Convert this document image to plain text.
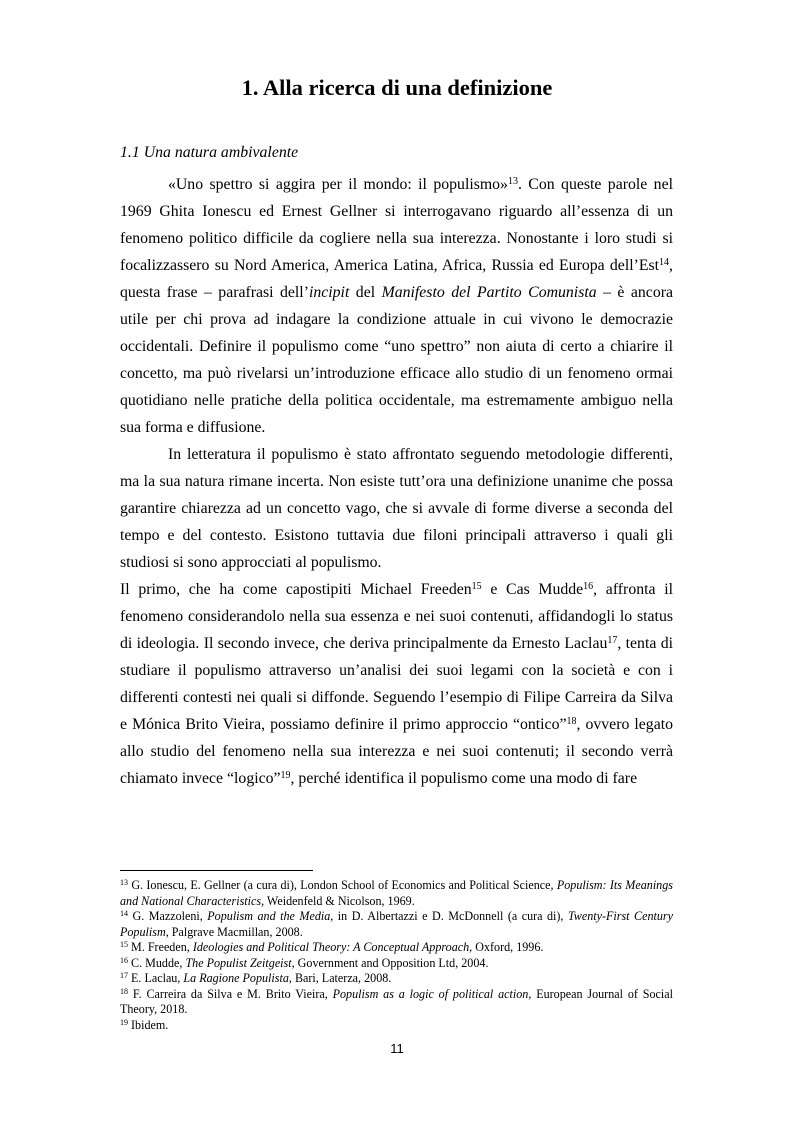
1. Alla ricerca di una definizione
1.1 Una natura ambivalente

«Uno spettro si aggira per il mondo: il populismo»$^{13}$. Con queste parole nel 1969 Ghita Ionescu ed Ernest Gellner si interrogavano riguardo all’essenza di un fenomeno politico difficile da cogliere nella sua interezza. Nonostante i loro studi si focalizzassero su Nord America, America Latina, Africa, Russia ed Europa dell’Est$^{14}$, questa frase – parafrasi dell’incipit del Manifesto del Partito Comunista – è ancora utile per chi prova ad indagare la condizione attuale in cui vivono le democrazie occidentali. Definire il populismo come “uno spettro” non aiuta di certo a chiarire il concetto, ma può rivelarsi un’introduzione efficace allo studio di un fenomeno ormai quotidiano nelle pratiche della politica occidentale, ma estremamente ambiguo nella sua forma e diffusione.

In letteratura il populismo è stato affrontato seguendo metodologie differenti, ma la sua natura rimane incerta. Non esiste tutt’ora una definizione unanime che possa garantire chiarezza ad un concetto vago, che si avvale di forme diverse a seconda del tempo e del contesto. Esistono tuttavia due filoni principali attraverso i quali gli studiosi si sono approcciati al populismo.

Il primo, che ha come capostipiti Michael Freeden$^{15}$ e Cas Mudde$^{16}$, affronta il fenomeno considerandolo nella sua essenza e nei suoi contenuti, affidandogli lo status di ideologia. Il secondo invece, che deriva principalmente da Ernesto Laclau$^{17}$, tenta di studiare il populismo attraverso un’analisi dei suoi legami con la società e con i differenti contesti nei quali si diffonde. Seguendo l’esempio di Filipe Carreira da Silva e Mónica Brito Vieira, possiamo definire il primo approccio “ontico”$^{18}$, ovvero legato allo studio del fenomeno nella sua interezza e nei suoi contenuti; il secondo verrà chiamato invece “logico”$^{19}$, perché identifica il populismo come una modo di fare

$^{13}$ G. Ionescu, E. Gellner (a cura di), London School of Economics and Political Science, Populism: Its Meanings and National Characteristics, Weidenfeld & Nicolson, 1969.

$^{14}$ G. Mazzoleni, Populism and the Media, in D. Albertazzi e D. McDonnell (a cura di), Twenty-First Century Populism, Palgrave Macmillan, 2008.

$^{15}$ M. Freeden, Ideologies and Political Theory: A Conceptual Approach, Oxford, 1996.

$^{16}$ C. Mudde, The Populist Zeitgeist, Government and Opposition Ltd, 2004.

$^{17}$ E. Laclau, La Ragione Populista, Bari, Laterza, 2008.

$^{18}$ F. Carreira da Silva e M. Brito Vieira, Populism as a logic of political action, European Journal of Social Theory, 2018.

$^{19}$ Ibidem.

11
